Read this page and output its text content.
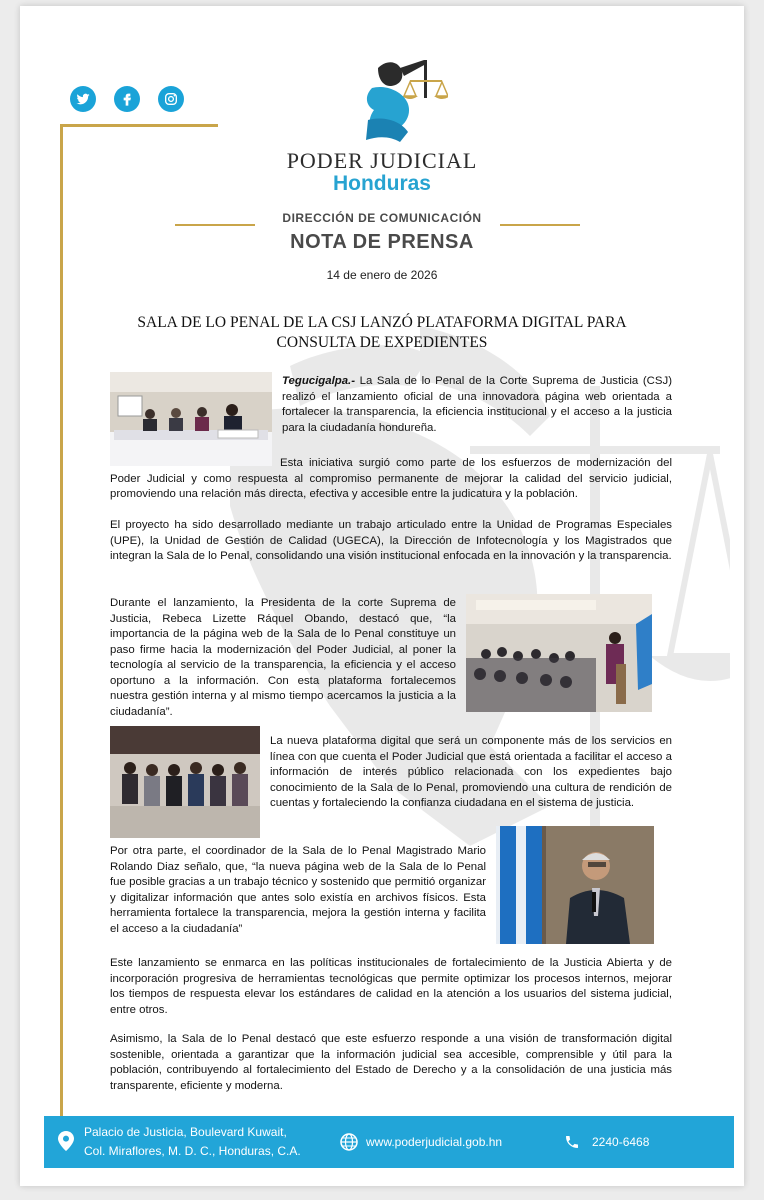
PODER JUDICIAL
Honduras
DIRECCIÓN DE COMUNICACIÓN
NOTA DE PRENSA
14 de enero de 2026
SALA DE LO PENAL DE LA CSJ LANZÓ PLATAFORMA DIGITAL PARA
CONSULTA DE EXPEDIENTES
Tegucigalpa.- La Sala de lo Penal de la Corte Suprema de Justicia (CSJ) realizó el lanzamiento oficial de una innovadora página web orientada a fortalecer la transparencia, la eficiencia institucional y el acceso a la justicia para la ciudadanía hondureña.
Esta iniciativa surgió como parte de los esfuerzos de modernización del Poder Judicial y como respuesta al compromiso permanente de mejorar la calidad del servicio judicial, promoviendo una relación más directa, efectiva y accesible entre la judicatura y la población.
El proyecto ha sido desarrollado mediante un trabajo articulado entre la Unidad de Programas Especiales (UPE), la Unidad de Gestión de Calidad (UGECA), la Dirección de Infotecnología y los Magistrados que integran la Sala de lo Penal, consolidando una visión institucional enfocada en la innovación y la transparencia.
Durante el lanzamiento, la Presidenta de la corte Suprema de Justicia, Rebeca Lizette Ráquel Obando, destacó que, “la importancia de la página web de la Sala de lo Penal constituye un paso firme hacia la modernización del Poder Judicial, al poner la tecnología al servicio de la transparencia, la eficiencia y el acceso oportuno a la información. Con esta plataforma fortalecemos nuestra gestión interna y al mismo tiempo acercamos la justicia a la ciudadanía”.
La nueva plataforma digital que será un componente más de los servicios en línea con que cuenta el Poder Judicial que está orientada a facilitar el acceso a información de interés público relacionada con los expedientes bajo conocimiento de la Sala de lo Penal, promoviendo una cultura de rendición de cuentas y fortaleciendo la confianza ciudadana en el sistema de justicia.
Por otra parte, el coordinador de la Sala de lo Penal Magistrado Mario Rolando Diaz señalo, que, “la nueva página web de la Sala de lo Penal fue posible gracias a un trabajo técnico y sostenido que permitió organizar y digitalizar información que antes solo existía en archivos físicos. Esta herramienta fortalece la transparencia, mejora la gestión interna y facilita el acceso a la ciudadanía”
Este lanzamiento se enmarca en las políticas institucionales de fortalecimiento de la Justicia Abierta y de incorporación progresiva de herramientas tecnológicas que permite optimizar los procesos internos, mejorar los tiempos de respuesta elevar los estándares de calidad en la atención a los usuarios del sistema judicial, entre otros.
Asimismo, la Sala de lo Penal destacó que este esfuerzo responde a una visión de transformación digital sostenible, orientada a garantizar que la información judicial sea accesible, comprensible y útil para la población, contribuyendo al fortalecimiento del Estado de Derecho y a la consolidación de una justicia más transparente, eficiente y moderna.
Palacio de Justicia, Boulevard Kuwait,
Col. Miraflores, M. D. C., Honduras, C.A.
www.poderjudicial.gob.hn	2240-6468
